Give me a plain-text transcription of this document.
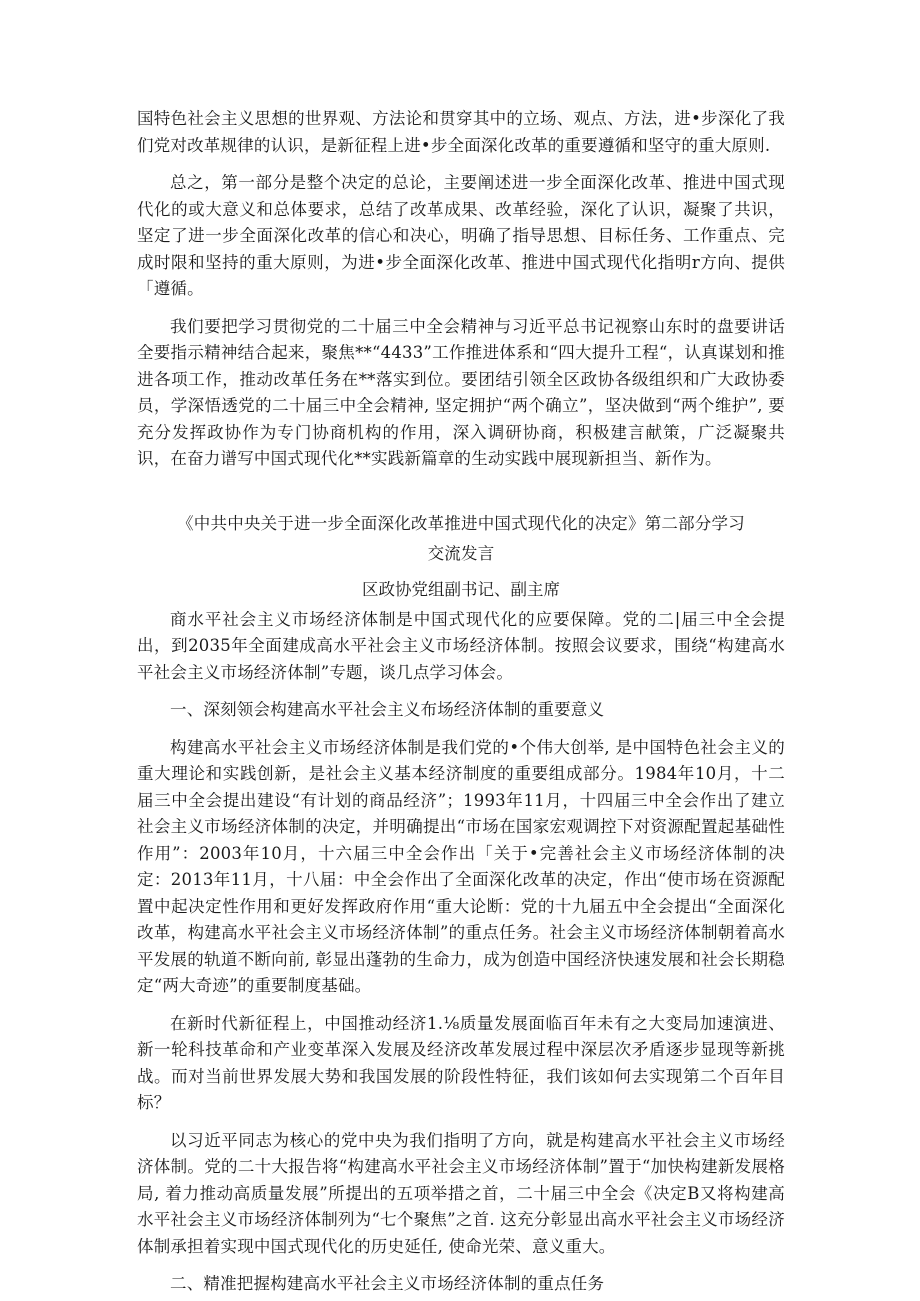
国特色社会主义思想的世界观、方法论和贯穿其中的立场、观点、方法，进•步深化了我们党对改革规律的认识，是新征程上进•步全面深化改革的重要遵循和坚守的重大原则.

总之，第一部分是整个决定的总论，主要阐述进一步全面深化改革、推进中国式现代化的或大意义和总体要求，总结了改革成果、改革经验，深化了认识，凝聚了共识，坚定了进一步全面深化改革的信心和决心，明确了指导思想、目标任务、工作重点、完成时限和坚持的重大原则，为进•步全面深化改革、推进中国式现代化指明r方向、提供「遵循。

我们要把学习贯彻党的二十届三中全会精神与习近平总书记视察山东时的盘要讲话全要指示精神结合起来，聚焦**“4433”工作推进体系和“四大提升工程“，认真谋划和推进各项工作，推动改革任务在**落实到位。要团结引领全区政协各级组织和广大政协委员，学深悟透党的二十届三中全会精神, 坚定拥护“两个确立”，坚决做到“两个维护”, 要充分发挥政协作为专门协商机构的作用，深入调研协商，积极建言献策，广泛凝聚共识，在奋力谱写中国式现代化**实践新篇章的生动实践中展现新担当、新作为。

《中共中央关于进一步全面深化改革推进中国式现代化的决定》第二部分学习

交流发言

区政协党组副书记、副主席

商水平社会主义市场经济体制是中国式现代化的应要保障。党的二|届三中全会提出，到2035年全面建成高水平社会主义市场经济体制。按照会议要求，围绕“构建高水平社会主义市场经济体制”专题，谈几点学习体会。

一、深刻领会构建高水平社会主义布场经济体制的重要意义

构建高水平社会主义市场经济体制是我们党的•个伟大创举, 是中国特色社会主义的重大理论和实践创新，是社会主义基本经济制度的重要组成部分。1984年10月，十二届三中全会提出建设“有计划的商品经济”；1993年11月，十四届三中全会作出了建立社会主义市场经济体制的决定，并明确提出“市场在国家宏观调控下对资源配置起基础性作用”：2003年10月，十六届三中全会作出「关于•完善社会主义市场经济体制的决定：2013年11月，十八届：中全会作出了全面深化改革的决定，作出“使市场在资源配置中起决定性作用和更好发挥政府作用“重大论断：党的十九届五中全会提出“全面深化改革，构建高水平社会主义市场经济体制”的重点任务。社会主义市场经济体制朝着高水平发展的轨道不断向前, 彰显出蓬勃的生命力，成为创造中国经济快速发展和社会长期稳定“两大奇迹”的重要制度基础。

在新时代新征程上，中国推动经济1.⅛质量发展面临百年未有之大变局加速演进、新一轮科技革命和产业变革深入发展及经济改革发展过程中深层次矛盾逐步显现等新挑战。而对当前世界发展大势和我国发展的阶段性特征，我们该如何去实现第二个百年目标？

以习近平同志为核心的党中央为我们指明了方向，就是构建高水平社会主义市场经济体制。党的二十大报告将“构建高水平社会主义市场经济体制”置于“加快构建新发展格局, 着力推动高质量发展”所提出的五项举措之首，二十届三中全会《决定B又将构建高水平社会主义市场经济体制列为“七个聚焦”之首. 这充分彰显出高水平社会主义市场经济体制承担着实现中国式现代化的历史延任, 使命光荣、意义重大。

二、精准把握构建高水平社会主义市场经济体制的重点任务
